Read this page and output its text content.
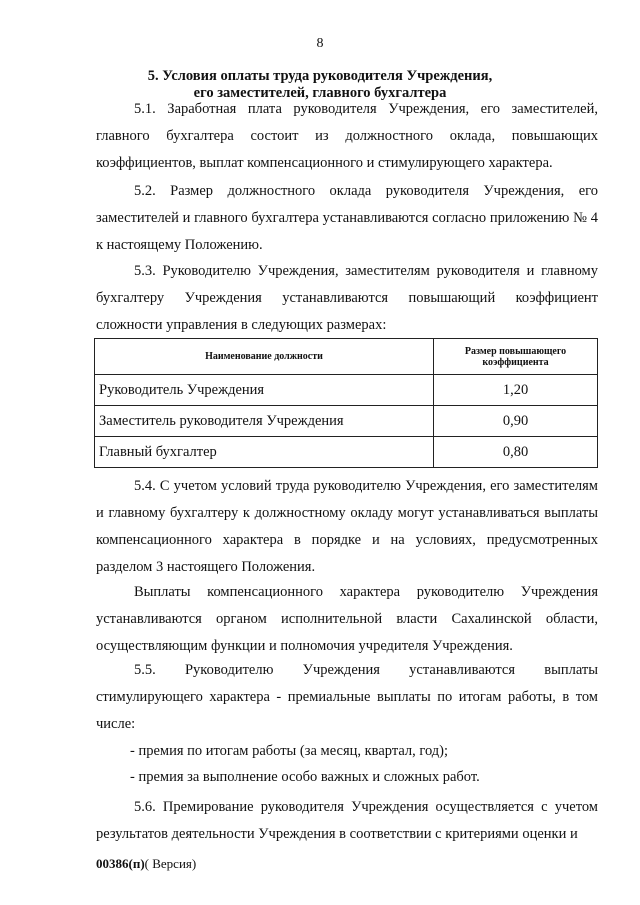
8
5. Условия оплаты труда руководителя Учреждения,
его заместителей, главного бухгалтера

5.1. Заработная плата руководителя Учреждения, его заместителей, главного бухгалтера состоит из должностного оклада, повышающих коэффициентов, выплат компенсационного и стимулирующего характера.

5.2. Размер должностного оклада руководителя Учреждения, его заместителей и главного бухгалтера устанавливаются согласно приложению № 4 к настоящему Положению.

5.3. Руководителю Учреждения, заместителям руководителя и главному бухгалтеру Учреждения устанавливаются повышающий коэффициент сложности управления в следующих размерах:

Наименование должности	Размер повышающего коэффициента
Руководитель Учреждения	1,20
Заместитель руководителя Учреждения	0,90
Главный бухгалтер	0,80

5.4. С учетом условий труда руководителю Учреждения, его заместителям и главному бухгалтеру к должностному окладу могут устанавливаться выплаты компенсационного характера в порядке и на условиях, предусмотренных разделом 3 настоящего Положения.

Выплаты компенсационного характера руководителю Учреждения устанавливаются органом исполнительной власти Сахалинской области, осуществляющим функции и полномочия учредителя Учреждения.

5.5. Руководителю Учреждения устанавливаются выплаты стимулирующего характера - премиальные выплаты по итогам работы, в том числе:

- премия по итогам работы (за месяц, квартал, год);

- премия за выполнение особо важных и сложных работ.

5.6. Премирование руководителя Учреждения осуществляется с учетом результатов деятельности Учреждения в соответствии с критериями оценки и

00386(п)( Версия)
